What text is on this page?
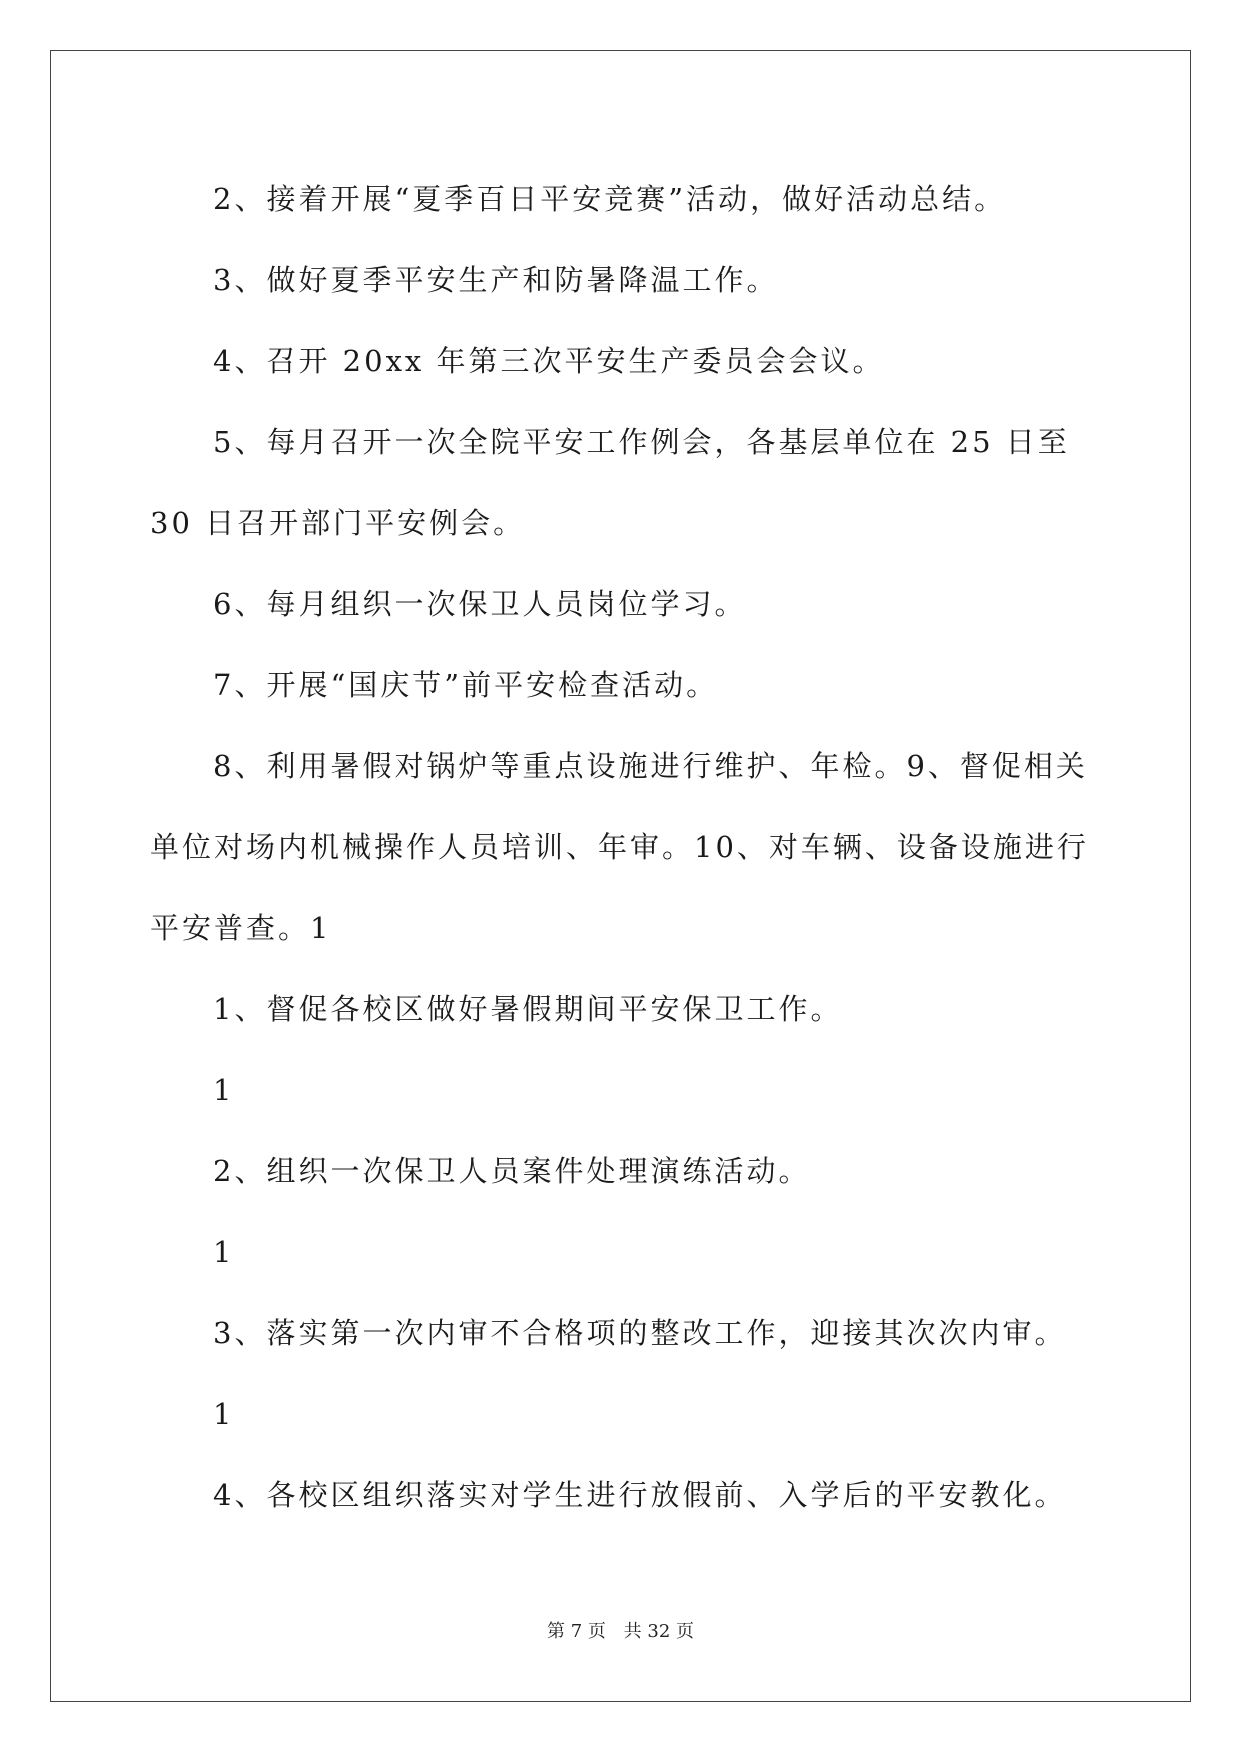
2、接着开展“夏季百日平安竞赛”活动，做好活动总结。

3、做好夏季平安生产和防暑降温工作。

4、召开 20xx 年第三次平安生产委员会会议。

5、每月召开一次全院平安工作例会，各基层单位在 25 日至 30 日召开部门平安例会。

6、每月组织一次保卫人员岗位学习。

7、开展“国庆节”前平安检查活动。

8、利用暑假对锅炉等重点设施进行维护、年检。9、督促相关单位对场内机械操作人员培训、年审。10、对车辆、设备设施进行平安普查。1

1、督促各校区做好暑假期间平安保卫工作。

1

2、组织一次保卫人员案件处理演练活动。

1

3、落实第一次内审不合格项的整改工作，迎接其次次内审。

1

4、各校区组织落实对学生进行放假前、入学后的平安教化。

第 7 页 共 32 页
